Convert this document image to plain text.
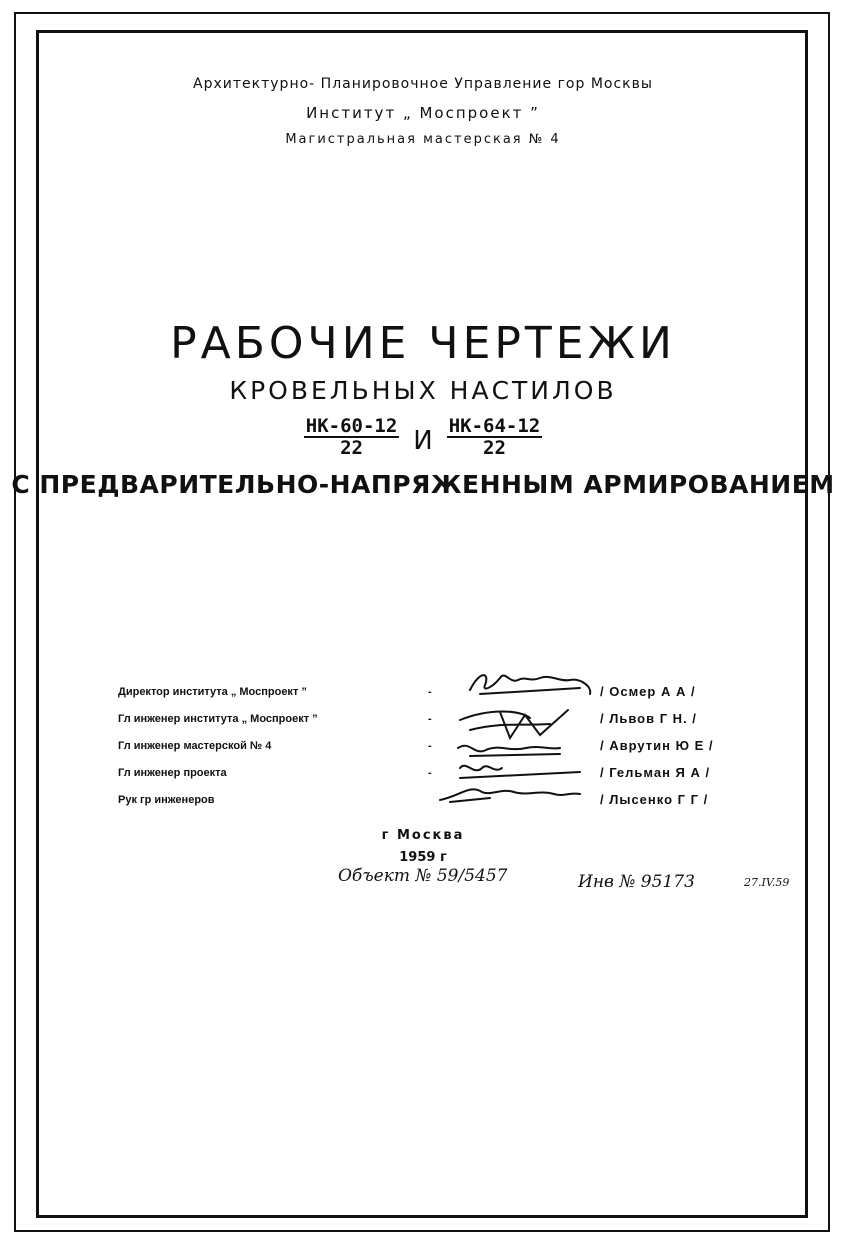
Архитектурно- Планировочное Управление гор Москвы
Институт „ Моспроект ”
Магистральная мастерская № 4
РАБОЧИЕ ЧЕРТЕЖИ
КРОВЕЛЬНЫХ НАСТИЛОВ
$\frac{НК-60-12}{22}$ И $\frac{НК-64-12}{22}$
С ПРЕДВАРИТЕЛЬНО-НАПРЯЖЕННЫМ АРМИРОВАНИЕМ
Директор института „ Моспроект ”	-	/ Осмер А А /
Гл инженер института „ Моспроект ”	-	/ Львов Г Н. /
Гл инженер мастерской № 4	-	/ Аврутин Ю Е /
Гл инженер проекта	-	/ Гельман Я А /
Рук гр инженеров	/ Лысенко Г Г /
г Москва
1959 г
Объект № 59/5457	Инв № 95173	27.IV.59
